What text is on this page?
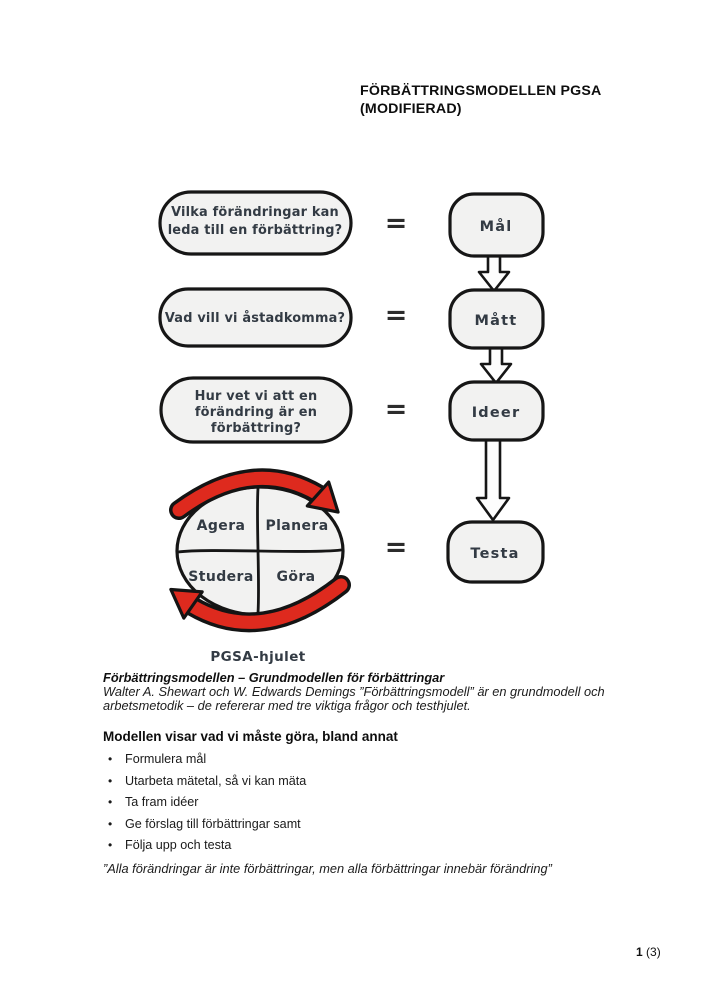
FÖRBÄTTRINGSMODELLEN PGSA
(MODIFIERAD)
=
=
=
=
Vilka förändringar kan
leda till en förbättring?
Vad vill vi åstadkomma?
Hur vet vi att en
förändring är en
förbättring?
Mål
Mått
Ideer
Testa
Agera Planera
Studera Göra
PGSA-hjulet
Förbättringsmodellen – Grundmodellen för förbättringar
Walter A. Shewart och W. Edwards Demings ”Förbättringsmodell” är en grundmodell och
arbetsmetodik – de refererar med tre viktiga frågor och testhjulet.
Modellen visar vad vi måste göra, bland annat
•	Formulera mål
•	Utarbeta mätetal, så vi kan mäta
•	Ta fram idéer
•	Ge förslag till förbättringar samt
•	Följa upp och testa
”Alla förändringar är inte förbättringar, men alla förbättringar innebär förändring”
1 (3)
